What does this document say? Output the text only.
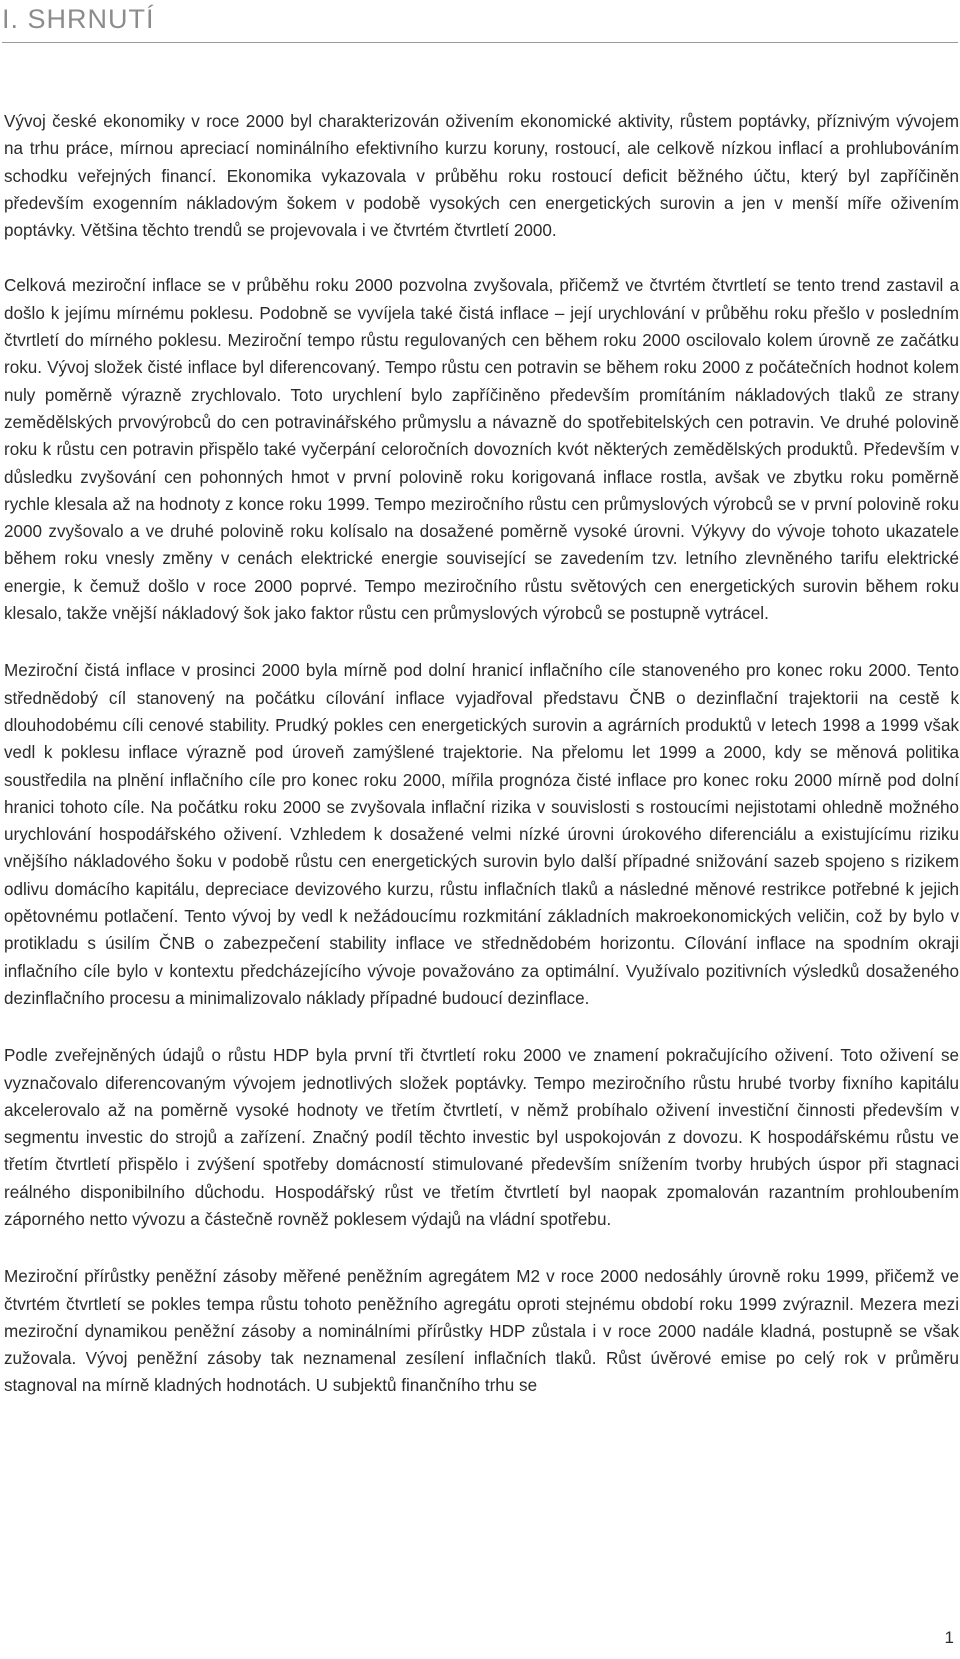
I. SHRNUTÍ

Vývoj české ekonomiky v roce 2000 byl charakterizován oživením ekonomické aktivity, růstem poptávky, příznivým vývojem na trhu práce, mírnou apreciací nominálního efektivního kurzu koruny, rostoucí, ale celkově nízkou inflací a prohlubováním schodku veřejných financí. Ekonomika vykazovala v průběhu roku rostoucí deficit běžného účtu, který byl zapříčiněn především exogenním nákladovým šokem v podobě vysokých cen energetických surovin a jen v menší míře oživením poptávky. Většina těchto trendů se projevovala i ve čtvrtém čtvrtletí 2000.

Celková meziroční inflace se v průběhu roku 2000 pozvolna zvyšovala, přičemž ve čtvrtém čtvrtletí se tento trend zastavil a došlo k jejímu mírnému poklesu. Podobně se vyvíjela také čistá inflace – její urychlování v průběhu roku přešlo v posledním čtvrtletí do mírného poklesu. Meziroční tempo růstu regulovaných cen během roku 2000 oscilovalo kolem úrovně ze začátku roku. Vývoj složek čisté inflace byl diferencovaný. Tempo růstu cen potravin se během roku 2000 z počátečních hodnot kolem nuly poměrně výrazně zrychlovalo. Toto urychlení bylo zapříčiněno především promítáním nákladových tlaků ze strany zemědělských prvovýrobců do cen potravinářského průmyslu a návazně do spotřebitelských cen potravin. Ve druhé polovině roku k růstu cen potravin přispělo také vyčerpání celoročních dovozních kvót některých zemědělských produktů. Především v důsledku zvyšování cen pohonných hmot v první polovině roku korigovaná inflace rostla, avšak ve zbytku roku poměrně rychle klesala až na hodnoty z konce roku 1999. Tempo meziročního růstu cen průmyslových výrobců se v první polovině roku 2000 zvyšovalo a ve druhé polovině roku kolísalo na dosažené poměrně vysoké úrovni. Výkyvy do vývoje tohoto ukazatele během roku vnesly změny v cenách elektrické energie související se zavedením tzv. letního zlevněného tarifu elektrické energie, k čemuž došlo v roce 2000 poprvé. Tempo meziročního růstu světových cen energetických surovin během roku klesalo, takže vnější nákladový šok jako faktor růstu cen průmyslových výrobců se postupně vytrácel.

Meziroční čistá inflace v prosinci 2000 byla mírně pod dolní hranicí inflačního cíle stanoveného pro konec roku 2000. Tento střednědobý cíl stanovený na počátku cílování inflace vyjadřoval představu ČNB o dezinflační trajektorii na cestě k dlouhodobému cíli cenové stability. Prudký pokles cen energetických surovin a agrárních produktů v letech 1998 a 1999 však vedl k poklesu inflace výrazně pod úroveň zamýšlené trajektorie. Na přelomu let 1999 a 2000, kdy se měnová politika soustředila na plnění inflačního cíle pro konec roku 2000, mířila prognóza čisté inflace pro konec roku 2000 mírně pod dolní hranici tohoto cíle. Na počátku roku 2000 se zvyšovala inflační rizika v souvislosti s rostoucími nejistotami ohledně možného urychlování hospodářského oživení. Vzhledem k dosažené velmi nízké úrovni úrokového diferenciálu a existujícímu riziku vnějšího nákladového šoku v podobě růstu cen energetických surovin bylo další případné snižování sazeb spojeno s rizikem odlivu domácího kapitálu, depreciace devizového kurzu, růstu inflačních tlaků a následné měnové restrikce potřebné k jejich opětovnému potlačení. Tento vývoj by vedl k nežádoucímu rozkmitání základních makroekonomických veličin, což by bylo v protikladu s úsilím ČNB o zabezpečení stability inflace ve střednědobém horizontu. Cílování inflace na spodním okraji inflačního cíle bylo v kontextu předcházejícího vývoje považováno za optimální. Využívalo pozitivních výsledků dosaženého dezinflačního procesu a minimalizovalo náklady případné budoucí dezinflace.

Podle zveřejněných údajů o růstu HDP byla první tři čtvrtletí roku 2000 ve znamení pokračujícího oživení. Toto oživení se vyznačovalo diferencovaným vývojem jednotlivých složek poptávky. Tempo meziročního růstu hrubé tvorby fixního kapitálu akcelerovalo až na poměrně vysoké hodnoty ve třetím čtvrtletí, v němž probíhalo oživení investiční činnosti především v segmentu investic do strojů a zařízení. Značný podíl těchto investic byl uspokojován z dovozu. K hospodářskému růstu ve třetím čtvrtletí přispělo i zvýšení spotřeby domácností stimulované především snížením tvorby hrubých úspor při stagnaci reálného disponibilního důchodu. Hospodářský růst ve třetím čtvrtletí byl naopak zpomalován razantním prohloubením záporného netto vývozu a částečně rovněž poklesem výdajů na vládní spotřebu.

Meziroční přírůstky peněžní zásoby měřené peněžním agregátem M2 v roce 2000 nedosáhly úrovně roku 1999, přičemž ve čtvrtém čtvrtletí se pokles tempa růstu tohoto peněžního agregátu oproti stejnému období roku 1999 zvýraznil. Mezera mezi meziroční dynamikou peněžní zásoby a nominálními přírůstky HDP zůstala i v roce 2000 nadále kladná, postupně se však zužovala. Vývoj peněžní zásoby tak neznamenal zesílení inflačních tlaků. Růst úvěrové emise po celý rok v průměru stagnoval na mírně kladných hodnotách. U subjektů finančního trhu se

1
